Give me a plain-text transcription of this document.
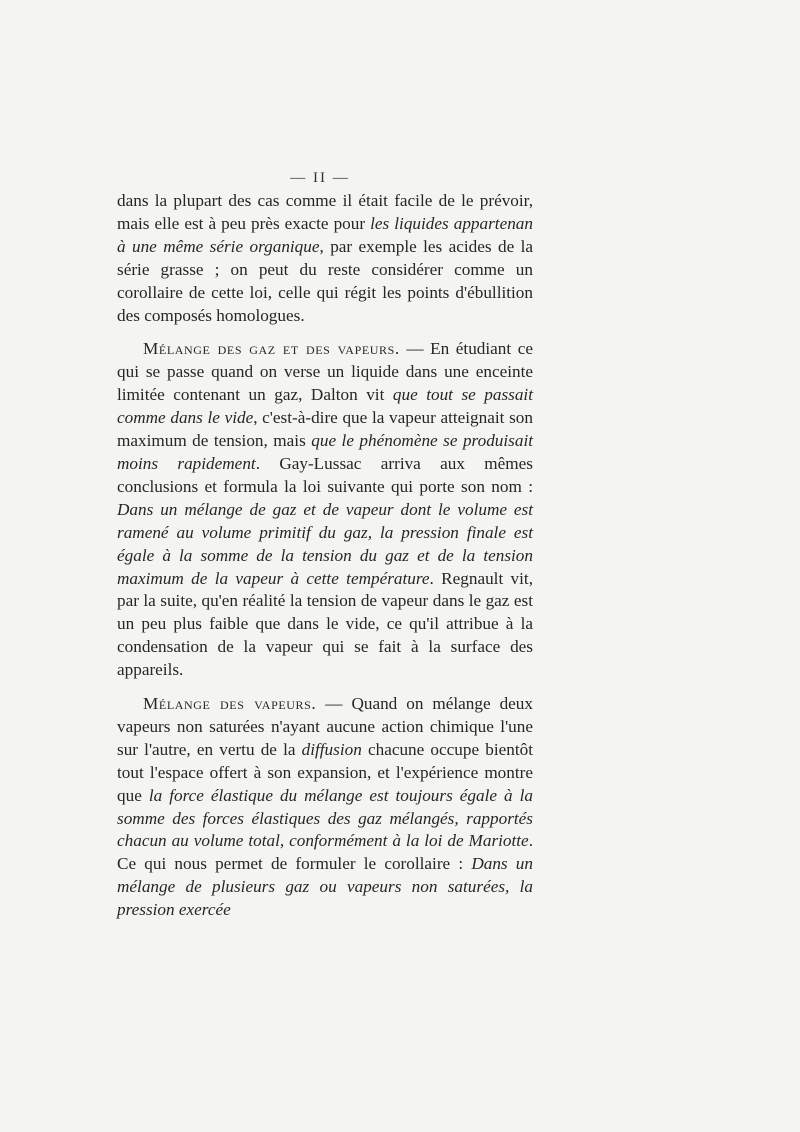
— II —

dans la plupart des cas comme il était facile de le prévoir, mais elle est à peu près exacte pour les liquides appartenan à une même série organique, par exemple les acides de la série grasse ; on peut du reste considérer comme un corollaire de cette loi, celle qui régit les points d'ébullition des composés homologues.

Mélange des gaz et des vapeurs. — En étudiant ce qui se passe quand on verse un liquide dans une enceinte limitée contenant un gaz, Dalton vit que tout se passait comme dans le vide, c'est-à-dire que la vapeur atteignait son maximum de tension, mais que le phénomène se produisait moins rapidement. Gay-Lussac arriva aux mêmes conclusions et formula la loi suivante qui porte son nom : Dans un mélange de gaz et de vapeur dont le volume est ramené au volume primitif du gaz, la pression finale est égale à la somme de la tension du gaz et de la tension maximum de la vapeur à cette température. Regnault vit, par la suite, qu'en réalité la tension de vapeur dans le gaz est un peu plus faible que dans le vide, ce qu'il attribue à la condensation de la vapeur qui se fait à la surface des appareils.

Mélange des vapeurs. — Quand on mélange deux vapeurs non saturées n'ayant aucune action chimique l'une sur l'autre, en vertu de la diffusion chacune occupe bientôt tout l'espace offert à son expansion, et l'expérience montre que la force élastique du mélange est toujours égale à la somme des forces élastiques des gaz mélangés, rapportés chacun au volume total, conformément à la loi de Mariotte. Ce qui nous permet de formuler le corollaire : Dans un mélange de plusieurs gaz ou vapeurs non saturées, la pression exercée
